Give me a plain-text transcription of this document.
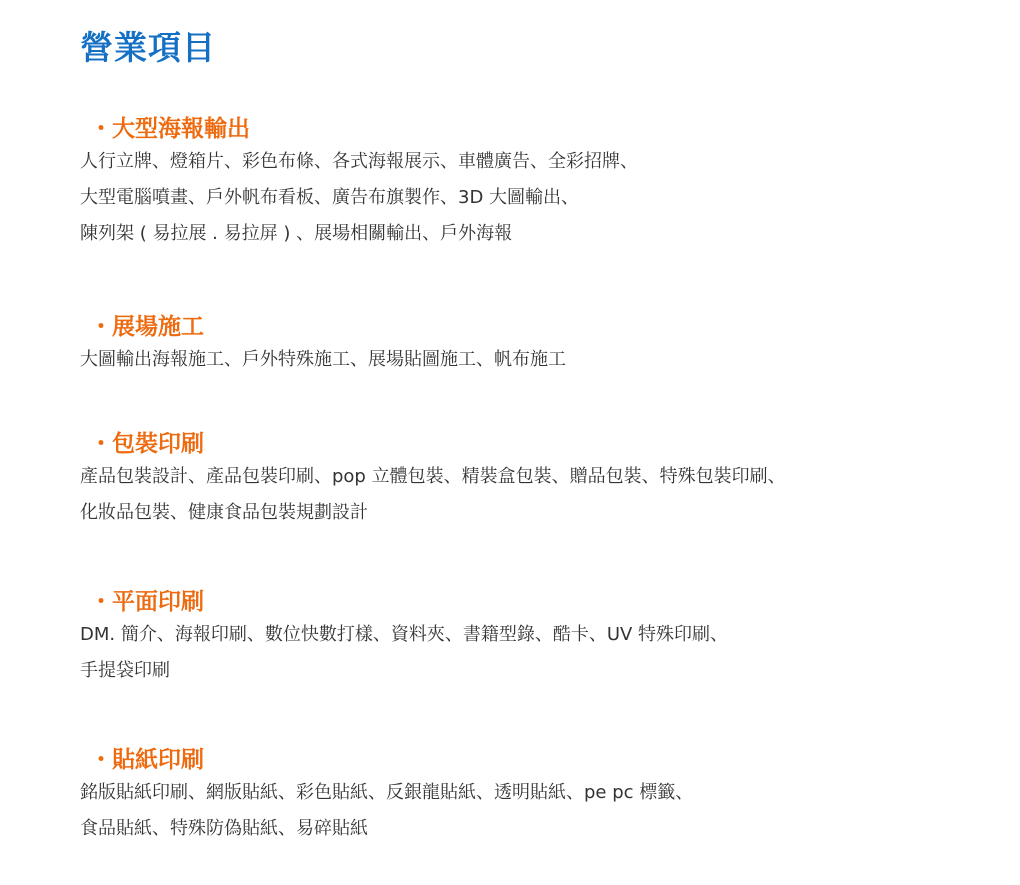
營業項目
・大型海報輸出

人行立牌、燈箱片、彩色布條、各式海報展示、車體廣告、全彩招牌、
大型電腦噴畫、戶外帆布看板、廣告布旗製作、3D 大圖輸出、
陳列架 ( 易拉展 . 易拉屏 ) 、展場相關輸出、戶外海報

・展場施工

大圖輸出海報施工、戶外特殊施工、展場貼圖施工、帆布施工

・包裝印刷

產品包裝設計、產品包裝印刷、pop 立體包裝、精裝盒包裝、贈品包裝、特殊包裝印刷、
化妝品包裝、健康食品包裝規劃設計

・平面印刷

DM. 簡介、海報印刷、數位快數打樣、資料夾、書籍型錄、酷卡、UV 特殊印刷、
手提袋印刷

・貼紙印刷

銘版貼紙印刷、網版貼紙、彩色貼紙、反銀龍貼紙、透明貼紙、pe pc 標籤、
食品貼紙、特殊防偽貼紙、易碎貼紙
